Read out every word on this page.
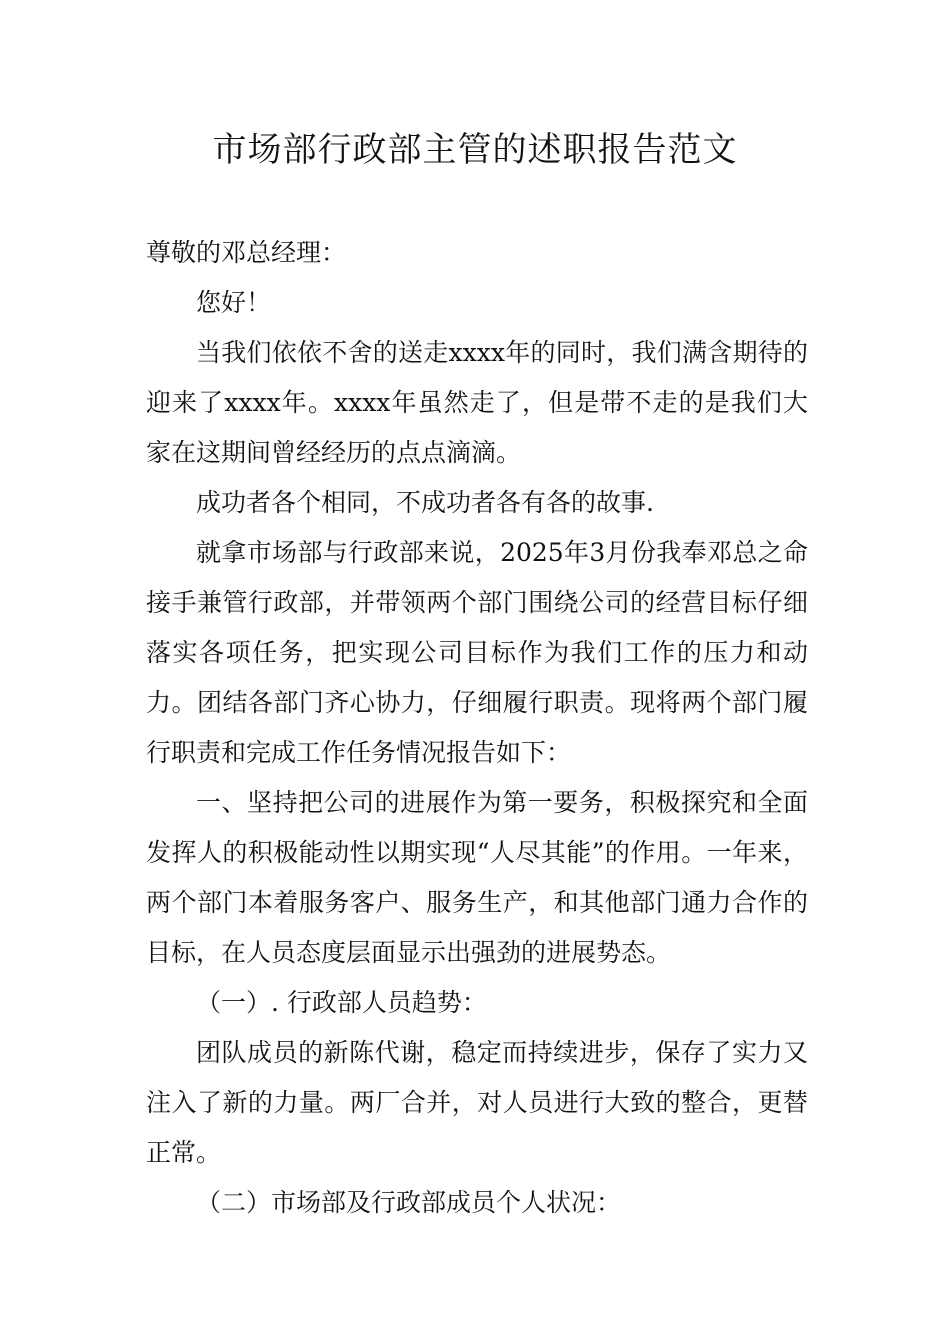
市场部行政部主管的述职报告范文

尊敬的邓总经理：

您好！

当我们依依不舍的送走xxxx年的同时，我们满含期待的迎来了xxxx年。xxxx年虽然走了，但是带不走的是我们大家在这期间曾经经历的点点滴滴。

成功者各个相同，不成功者各有各的故事.

就拿市场部与行政部来说，2025年3月份我奉邓总之命接手兼管行政部，并带领两个部门围绕公司的经营目标仔细落实各项任务，把实现公司目标作为我们工作的压力和动力。团结各部门齐心协力，仔细履行职责。现将两个部门履行职责和完成工作任务情况报告如下：

一、坚持把公司的进展作为第一要务，积极探究和全面发挥人的积极能动性以期实现“人尽其能”的作用。一年来，两个部门本着服务客户、服务生产，和其他部门通力合作的目标，在人员态度层面显示出强劲的进展势态。

（一）. 行政部人员趋势：

团队成员的新陈代谢，稳定而持续进步，保存了实力又注入了新的力量。两厂合并，对人员进行大致的整合，更替正常。

（二）市场部及行政部成员个人状况：
